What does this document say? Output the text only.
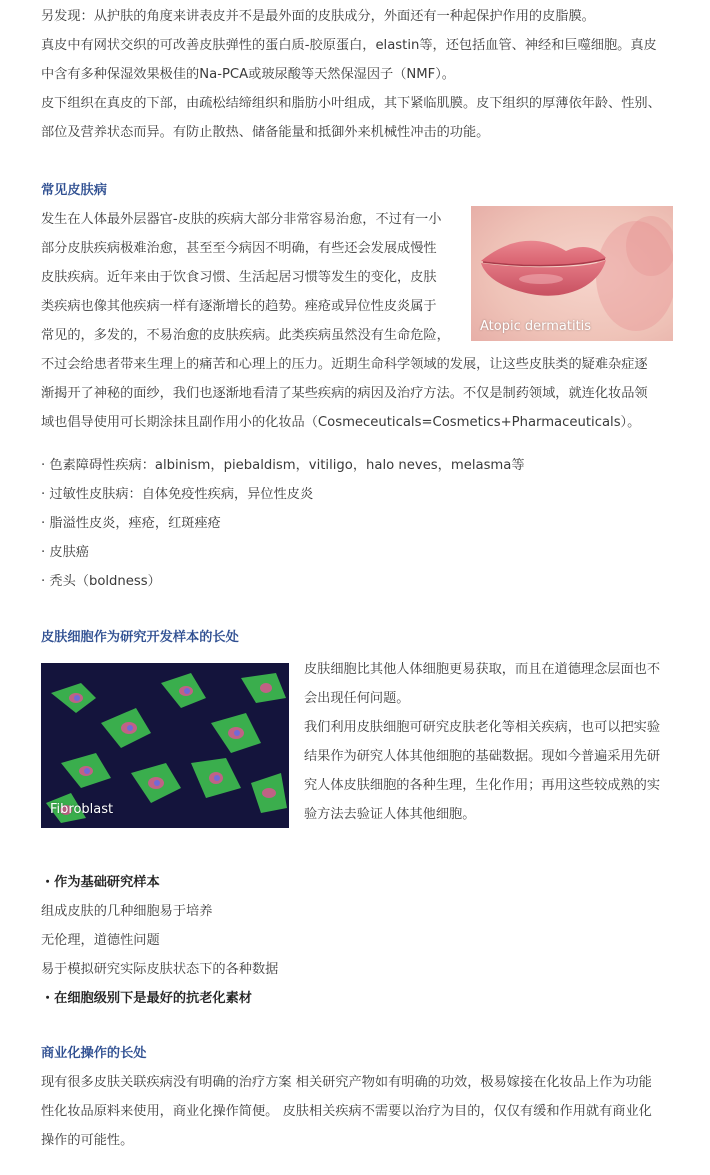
另发现：从护肤的角度来讲表皮并不是最外面的皮肤成分，外面还有一种起保护作用的皮脂膜。

真皮中有网状交织的可改善皮肤弹性的蛋白质-胶原蛋白，elastin等，还包括血管、神经和巨噬细胞。真皮

中含有多种保湿效果极佳的Na-PCA或玻尿酸等天然保湿因子（NMF）。

皮下组织在真皮的下部，由疏松结缔组织和脂肪小叶组成，其下紧临肌膜。皮下组织的厚薄依年龄、性别、

部位及营养状态而异。有防止散热、储备能量和抵御外来机械性冲击的功能。

常见皮肤病

发生在人体最外层器官-皮肤的疾病大部分非常容易治愈，不过有一小

部分皮肤疾病极难治愈，甚至至今病因不明确，有些还会发展成慢性

皮肤疾病。近年来由于饮食习惯、生活起居习惯等发生的变化，皮肤

类疾病也像其他疾病一样有逐渐增长的趋势。痤疮或异位性皮炎属于

常见的，多发的，不易治愈的皮肤疾病。此类疾病虽然没有生命危险，

不过会给患者带来生理上的痛苦和心理上的压力。近期生命科学领域的发展，让这些皮肤类的疑难杂症逐

渐揭开了神秘的面纱，我们也逐渐地看清了某些疾病的病因及治疗方法。不仅是制药领域，就连化妆品领

域也倡导使用可长期涂抹且副作用小的化妆品（Cosmeceuticals=Cosmetics+Pharmaceuticals）。

· 色素障碍性疾病：albinism，piebaldism，vitiligo，halo neves，melasma等

· 过敏性皮肤病：自体免疫性疾病，异位性皮炎

· 脂溢性皮炎，痤疮，红斑痤疮

· 皮肤癌

· 秃头（boldness）

Atopic dermatitis

皮肤细胞作为研究开发样本的长处

Fibroblast

皮肤细胞比其他人体细胞更易获取，而且在道德理念层面也不

会出现任何问题。

我们利用皮肤细胞可研究皮肤老化等相关疾病，也可以把实验

结果作为研究人体其他细胞的基础数据。现如今普遍采用先研

究人体皮肤细胞的各种生理，生化作用；再用这些较成熟的实

验方法去验证人体其他细胞。

・作为基础研究样本

组成皮肤的几种细胞易于培养

无伦理，道德性问题

易于模拟研究实际皮肤状态下的各种数据

・在细胞级别下是最好的抗老化素材

商业化操作的长处

现有很多皮肤关联疾病没有明确的治疗方案 相关研究产物如有明确的功效，极易嫁接在化妆品上作为功能

性化妆品原料来使用，商业化操作简便。 皮肤相关疾病不需要以治疗为目的，仅仅有缓和作用就有商业化

操作的可能性。
